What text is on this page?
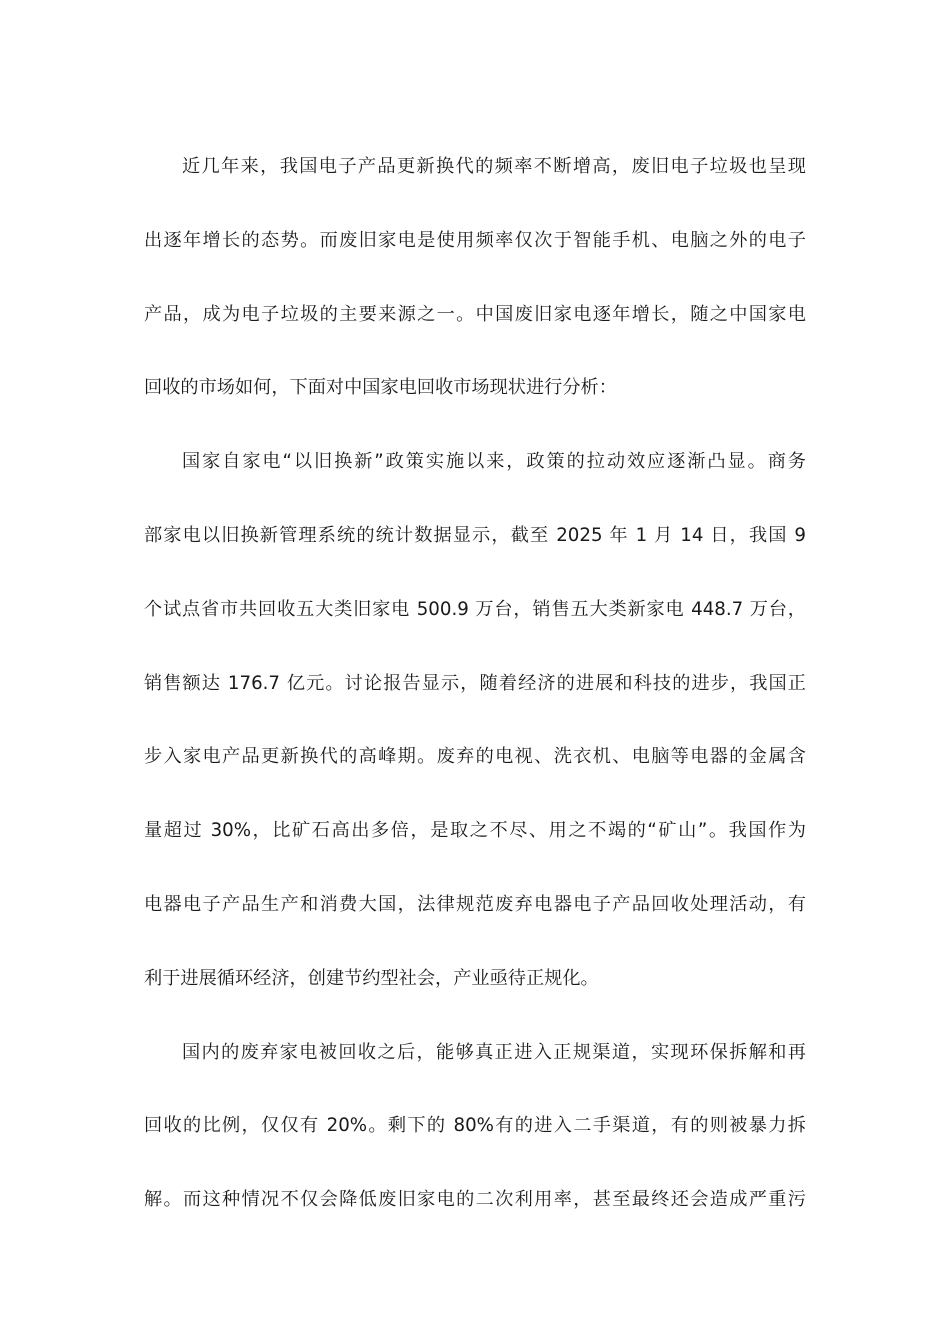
近几年来，我国电子产品更新换代的频率不断增高，废旧电子垃圾也呈现
出逐年增长的态势。而废旧家电是使用频率仅次于智能手机、电脑之外的电子
产品，成为电子垃圾的主要来源之一。中国废旧家电逐年增长，随之中国家电
回收的市场如何，下面对中国家电回收市场现状进行分析：
国家自家电“以旧换新”政策实施以来，政策的拉动效应逐渐凸显。商务
部家电以旧换新管理系统的统计数据显示，截至 2025 年 1 月 14 日，我国 9
个试点省市共回收五大类旧家电 500.9 万台，销售五大类新家电 448.7 万台，
销售额达 176.7 亿元。讨论报告显示，随着经济的进展和科技的进步，我国正
步入家电产品更新换代的高峰期。废弃的电视、洗衣机、电脑等电器的金属含
量超过 30%，比矿石高出多倍，是取之不尽、用之不竭的“矿山”。我国作为
电器电子产品生产和消费大国，法律规范废弃电器电子产品回收处理活动，有
利于进展循环经济，创建节约型社会，产业亟待正规化。
国内的废弃家电被回收之后，能够真正进入正规渠道，实现环保拆解和再
回收的比例，仅仅有 20%。剩下的 80%有的进入二手渠道，有的则被暴力拆
解。而这种情况不仅会降低废旧家电的二次利用率，甚至最终还会造成严重污
